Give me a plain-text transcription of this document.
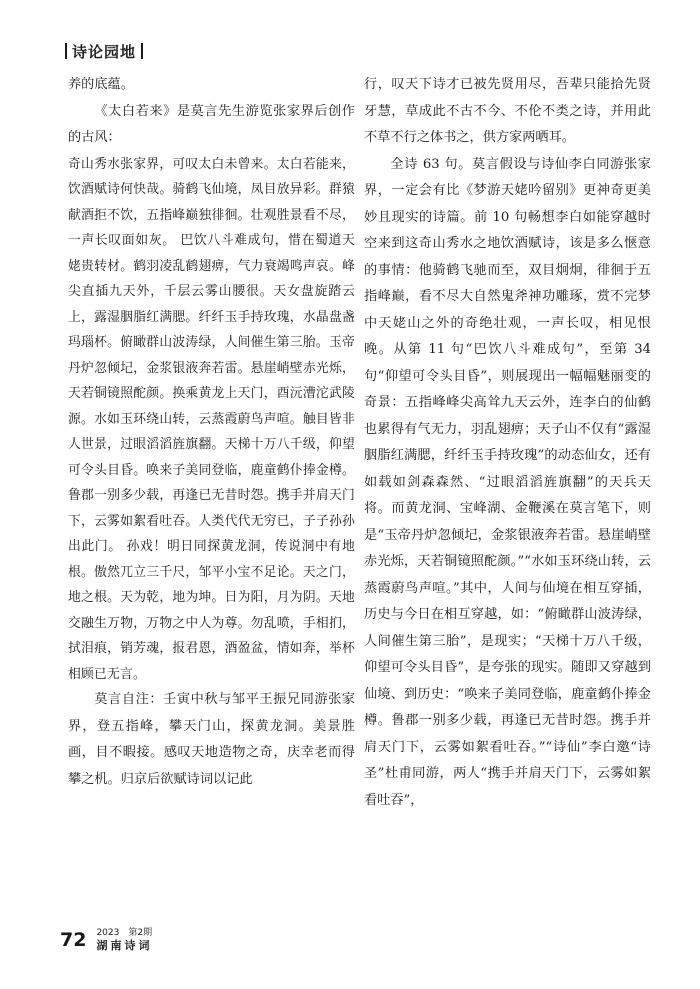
诗论园地

养的底蕴。

《太白若来》是莫言先生游览张家界后创作的古风：

奇山秀水张家界，可叹太白未曾来。太白若能来，饮酒赋诗何快哉。骑鹤飞仙境，凤目放异彩。群猿献酒拒不饮，五指峰巅独徘徊。壮观胜景看不尽，一声长叹面如灰。 巴饮八斗难成句，惜在蜀道天姥贵转材。鹤羽凌乱鹤翅痹，气力衰竭鸣声哀。峰尖直插九天外，千层云雾山腰很。天女盘旋踏云上，露湿胭脂红满腮。纤纤玉手持玫瑰，水晶盘盏玛瑙杯。俯瞰群山波涛绿，人间催生第三胎。玉帝丹炉忽倾圮，金浆银液奔若雷。悬崖峭壁赤光烁，天若铜镜照酡颜。换乘黄龙上天门，酉沅漕沱武陵源。水如玉环绕山转，云蒸霞蔚鸟声喧。触目皆非人世景，过眼滔滔旌旗翻。天梯十万八千级，仰望可令头目昏。唤来子美同登临，鹿童鹤仆捧金樽。鲁郡一别多少载，再逢已无昔时怨。携手并肩天门下，云雾如絮看吐吞。人类代代无穷已，子子孙孙出此门。 孙戏！明日同探黄龙洞，传说洞中有地根。傲然兀立三千尺，邹平小宝不足论。天之门，地之根。天为乾，地为坤。日为阳，月为阴。天地交融生万物，万物之中人为尊。勿乱喷，手相扪，拭泪痕，销芳魂，报君恩，酒盈盆，情如奔，举杯相顾已无言。

莫言自注：壬寅中秋与邹平王振兄同游张家界，登五指峰，攀天门山，探黄龙洞。美景胜画，目不暇接。感叹天地造物之奇，庆幸老而得攀之机。归京后欲赋诗词以记此

行，叹天下诗才已被先贤用尽，吾辈只能拾先贤牙慧，草成此不古不今、不伦不类之诗，并用此不草不行之体书之，供方家两哂耳。

全诗 63 句。莫言假设与诗仙李白同游张家界，一定会有比《梦游天姥吟留别》更神奇更美妙且现实的诗篇。前 10 句畅想李白如能穿越时空来到这奇山秀水之地饮酒赋诗，该是多么惬意的事情：他骑鹤飞驰而至，双目炯炯，徘徊于五指峰巅，看不尽大自然鬼斧神功雕琢，赏不完梦中天姥山之外的奇绝壮观，一声长叹，相见恨晚。从第 11 句“巴饮八斗难成句”，至第 34 句“仰望可令头目昏”，则展现出一幅幅魅丽变的奇景：五指峰峰尖高耸九天云外，连李白的仙鹤也累得有气无力，羽乱翅痹；天子山不仅有“露湿胭脂红满腮，纤纤玉手持玫瑰”的动态仙女，还有如载如剑森森然、“过眼滔滔旌旗翻”的天兵天将。而黄龙洞、宝峰湖、金鞭溪在莫言笔下，则是“玉帝丹炉忽倾圮，金浆银液奔若雷。悬崖峭壁赤光烁，天若铜镜照酡颜。”“水如玉环绕山转，云蒸霞蔚鸟声喧。”其中，人间与仙境在相互穿插，历史与今日在相互穿越，如：“俯瞰群山波涛绿，人间催生第三胎”，是现实；“天梯十万八千级，仰望可令头目昏”，是夸张的现实。随即又穿越到仙境、到历史：“唤来子美同登临，鹿童鹤仆捧金樽。鲁郡一别多少载，再逢已无昔时怨。携手并肩天门下，云雾如絮看吐吞。”“诗仙”李白邀“诗圣”杜甫同游，两人“携手并肩天门下，云雾如絮看吐吞”，

72 2023　第2期
湖南诗词
